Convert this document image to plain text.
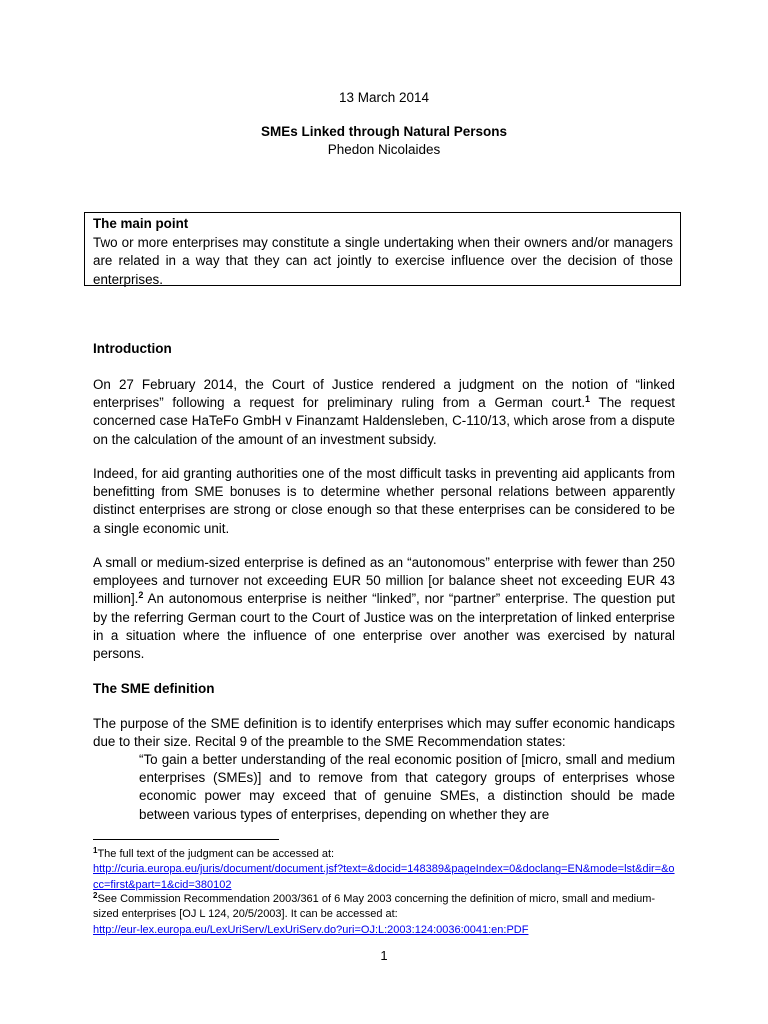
13 March 2014
SMEs Linked through Natural Persons
Phedon Nicolaides
The main point
Two or more enterprises may constitute a single undertaking when their owners and/or managers are related in a way that they can act jointly to exercise influence over the decision of those enterprises.
Introduction

On 27 February 2014, the Court of Justice rendered a judgment on the notion of “linked enterprises” following a request for preliminary ruling from a German court.$^1$ The request concerned case HaTeFo GmbH v Finanzamt Haldensleben, C-110/13, which arose from a dispute on the calculation of the amount of an investment subsidy.

Indeed, for aid granting authorities one of the most difficult tasks in preventing aid applicants from benefitting from SME bonuses is to determine whether personal relations between apparently distinct enterprises are strong or close enough so that these enterprises can be considered to be a single economic unit.

A small or medium-sized enterprise is defined as an “autonomous” enterprise with fewer than 250 employees and turnover not exceeding EUR 50 million [or balance sheet not exceeding EUR 43 million].$^2$ An autonomous enterprise is neither “linked”, nor “partner” enterprise. The question put by the referring German court to the Court of Justice was on the interpretation of linked enterprise in a situation where the influence of one enterprise over another was exercised by natural persons.

The SME definition

The purpose of the SME definition is to identify enterprises which may suffer economic handicaps due to their size. Recital 9 of the preamble to the SME Recommendation states:

“To gain a better understanding of the real economic position of [micro, small and medium enterprises (SMEs)] and to remove from that category groups of enterprises whose economic power may exceed that of genuine SMEs, a distinction should be made between various types of enterprises, depending on whether they are

$^1$The full text of the judgment can be accessed at:
http://curia.europa.eu/juris/document/document.jsf?text=&docid=148389&pageIndex=0&doclang=EN&mode=lst&dir=&occ=first&part=1&cid=380102

$^2$See Commission Recommendation 2003/361 of 6 May 2003 concerning the definition of micro, small and medium-sized enterprises [OJ L 124, 20/5/2003]. It can be accessed at:
http://eur-lex.europa.eu/LexUriServ/LexUriServ.do?uri=OJ:L:2003:124:0036:0041:en:PDF

1
